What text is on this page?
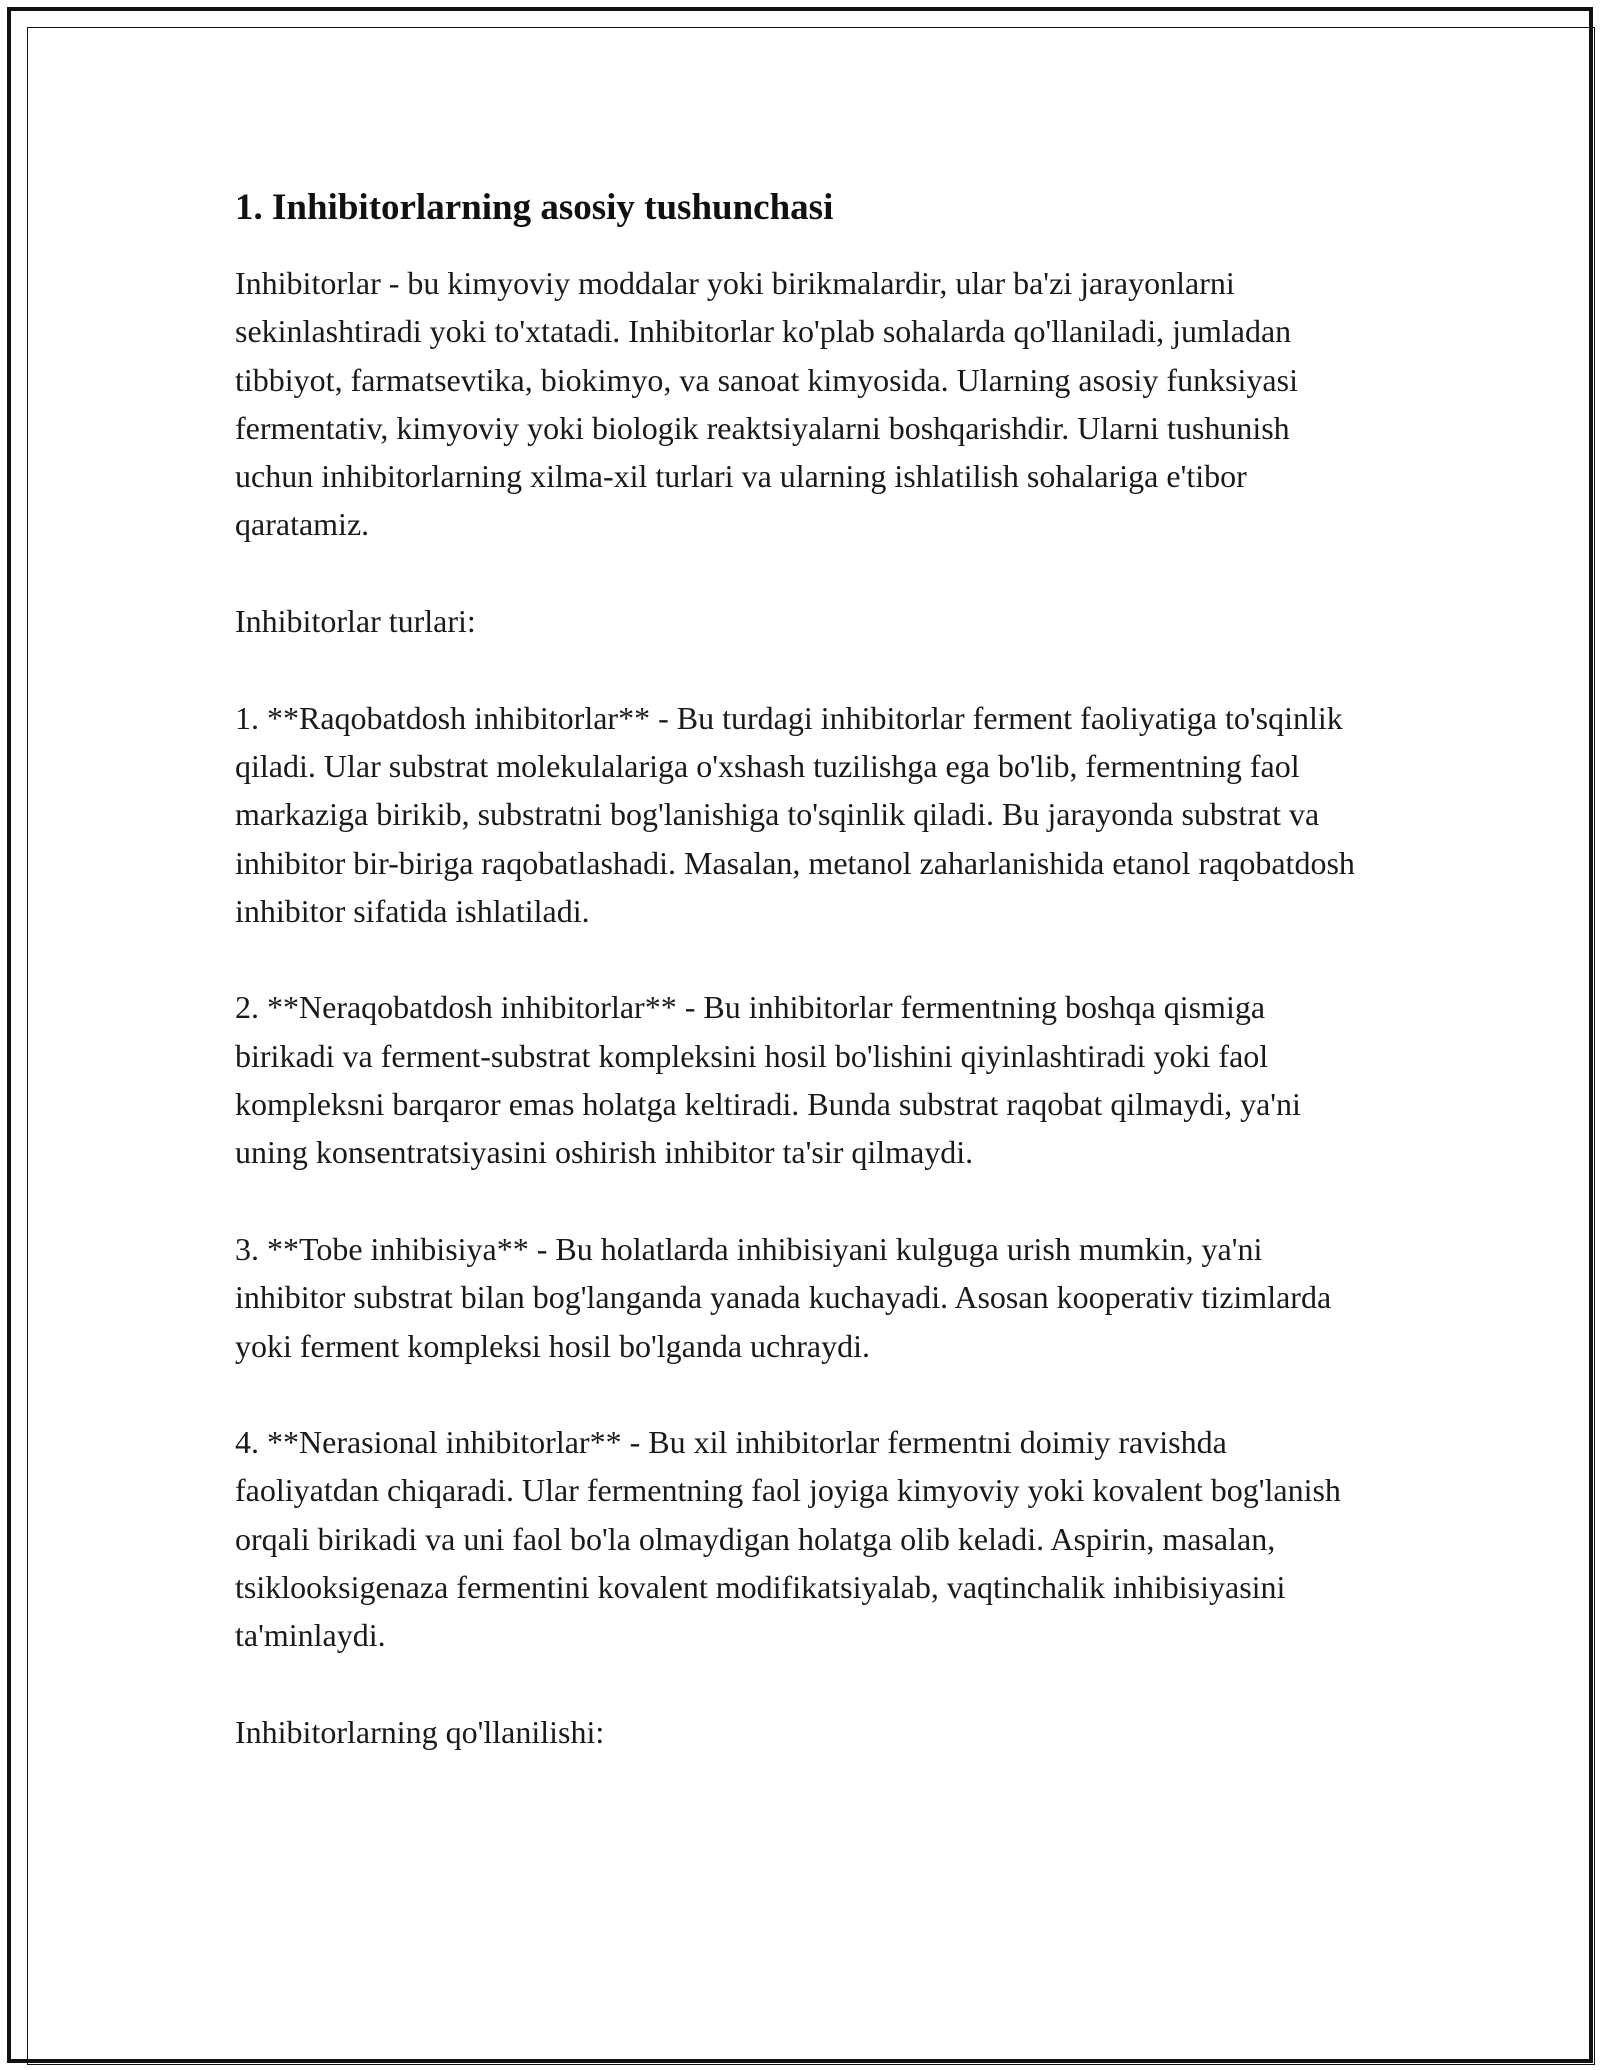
1. Inhibitorlarning asosiy tushunchasi

Inhibitorlar - bu kimyoviy moddalar yoki birikmalardir, ular ba'zi jarayonlarni sekinlashtiradi yoki to'xtatadi. Inhibitorlar ko'plab sohalarda qo'llaniladi, jumladan tibbiyot, farmatsevtika, biokimyo, va sanoat kimyosida. Ularning asosiy funksiyasi fermentativ, kimyoviy yoki biologik reaktsiyalarni boshqarishdir. Ularni tushunish uchun inhibitorlarning xilma-xil turlari va ularning ishlatilish sohalariga e'tibor qaratamiz.

Inhibitorlar turlari:

1. **Raqobatdosh inhibitorlar** - Bu turdagi inhibitorlar ferment faoliyatiga to'sqinlik qiladi. Ular substrat molekulalariga o'xshash tuzilishga ega bo'lib, fermentning faol markaziga birikib, substratni bog'lanishiga to'sqinlik qiladi. Bu jarayonda substrat va inhibitor bir-biriga raqobatlashadi. Masalan, metanol zaharlanishida etanol raqobatdosh inhibitor sifatida ishlatiladi.

2. **Neraqobatdosh inhibitorlar** - Bu inhibitorlar fermentning boshqa qismiga birikadi va ferment-substrat kompleksini hosil bo'lishini qiyinlashtiradi yoki faol kompleksni barqaror emas holatga keltiradi. Bunda substrat raqobat qilmaydi, ya'ni uning konsentratsiyasini oshirish inhibitor ta'sir qilmaydi.

3. **Tobe inhibisiya** - Bu holatlarda inhibisiyani kulguga urish mumkin, ya'ni inhibitor substrat bilan bog'langanda yanada kuchayadi. Asosan kooperativ tizimlarda yoki ferment kompleksi hosil bo'lganda uchraydi.

4. **Nerasional inhibitorlar** - Bu xil inhibitorlar fermentni doimiy ravishda faoliyatdan chiqaradi. Ular fermentning faol joyiga kimyoviy yoki kovalent bog'lanish orqali birikadi va uni faol bo'la olmaydigan holatga olib keladi. Aspirin, masalan, tsiklooksigenaza fermentini kovalent modifikatsiyalab, vaqtinchalik inhibisiyasini ta'minlaydi.

Inhibitorlarning qo'llanilishi:
